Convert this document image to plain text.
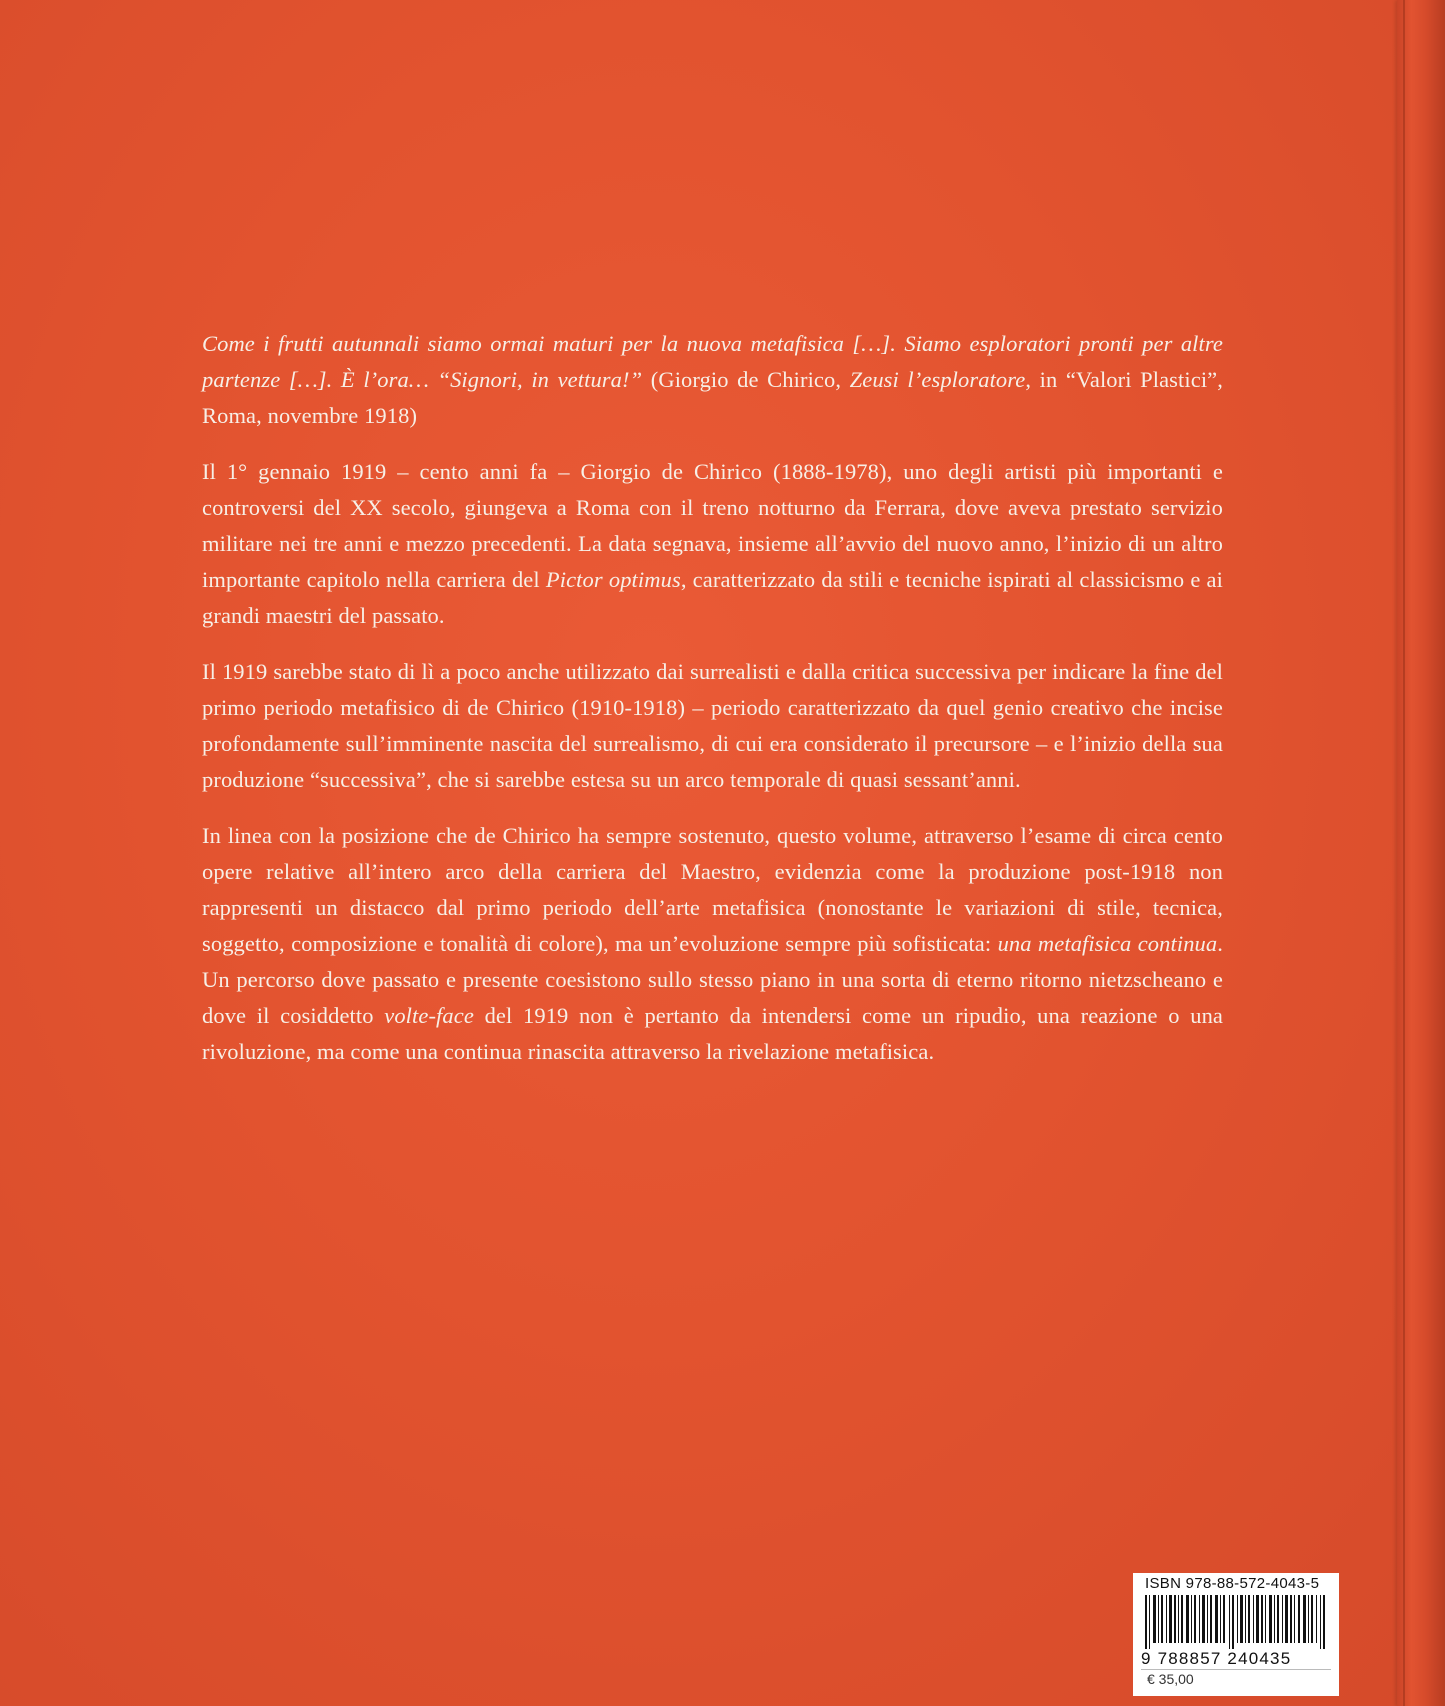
Come i frutti autunnali siamo ormai maturi per la nuova metafisica […]. Siamo esploratori pronti per altre partenze […]. È l’ora… “Signori, in vettura!” (Giorgio de Chirico, Zeusi l’esploratore, in “Valori Plastici”, Roma, novembre 1918)

Il 1° gennaio 1919 – cento anni fa – Giorgio de Chirico (1888-1978), uno degli artisti più importanti e controversi del XX secolo, giungeva a Roma con il treno notturno da Ferrara, dove aveva prestato servizio militare nei tre anni e mezzo precedenti. La data segnava, insieme all’avvio del nuovo anno, l’inizio di un altro importante capitolo nella carriera del Pictor optimus, caratterizzato da stili e tecniche ispirati al classicismo e ai grandi maestri del passato.

Il 1919 sarebbe stato di lì a poco anche utilizzato dai surrealisti e dalla critica successiva per indicare la fine del primo periodo metafisico di de Chirico (1910-1918) – periodo caratterizzato da quel genio creativo che incise profondamente sull’imminente nascita del surrealismo, di cui era considerato il precursore – e l’inizio della sua produzione “successiva”, che si sarebbe estesa su un arco temporale di quasi sessant’anni.

In linea con la posizione che de Chirico ha sempre sostenuto, questo volume, attraverso l’esame di circa cento opere relative all’intero arco della carriera del Maestro, evidenzia come la produzione post-1918 non rappresenti un distacco dal primo periodo dell’arte metafisica (nonostante le variazioni di stile, tecnica, soggetto, composizione e tonalità di colore), ma un’evoluzione sempre più sofisticata: una metafisica continua. Un percorso dove passato e presente coesistono sullo stesso piano in una sorta di eterno ritorno nietzscheano e dove il cosiddetto volte-face del 1919 non è pertanto da intendersi come un ripudio, una reazione o una rivoluzione, ma come una continua rinascita attraverso la rivelazione metafisica.

ISBN 978-88-572-4043-5
9 788857 240435
€ 35,00
